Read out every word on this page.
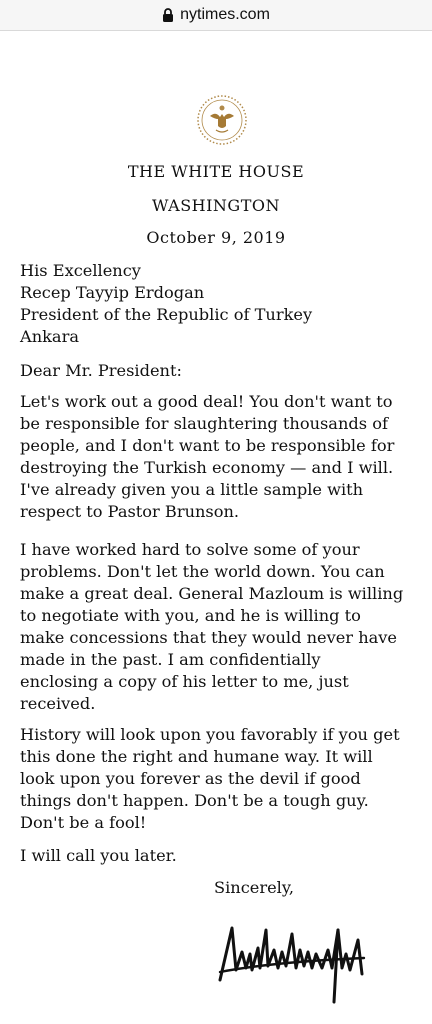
nytimes.com
THE WHITE HOUSE
WASHINGTON
October 9, 2019
His Excellency
Recep Tayyip Erdogan
President of the Republic of Turkey
Ankara
Dear Mr. President:
Let's work out a good deal! You don't want to
be responsible for slaughtering thousands of
people, and I don't want to be responsible for
destroying the Turkish economy — and I will.
I've already given you a little sample with
respect to Pastor Brunson.
I have worked hard to solve some of your
problems. Don't let the world down. You can
make a great deal. General Mazloum is willing
to negotiate with you, and he is willing to
make concessions that they would never have
made in the past. I am confidentially
enclosing a copy of his letter to me, just
received.
History will look upon you favorably if you get
this done the right and humane way. It will
look upon you forever as the devil if good
things don't happen. Don't be a tough guy.
Don't be a fool!
I will call you later.
Sincerely,
